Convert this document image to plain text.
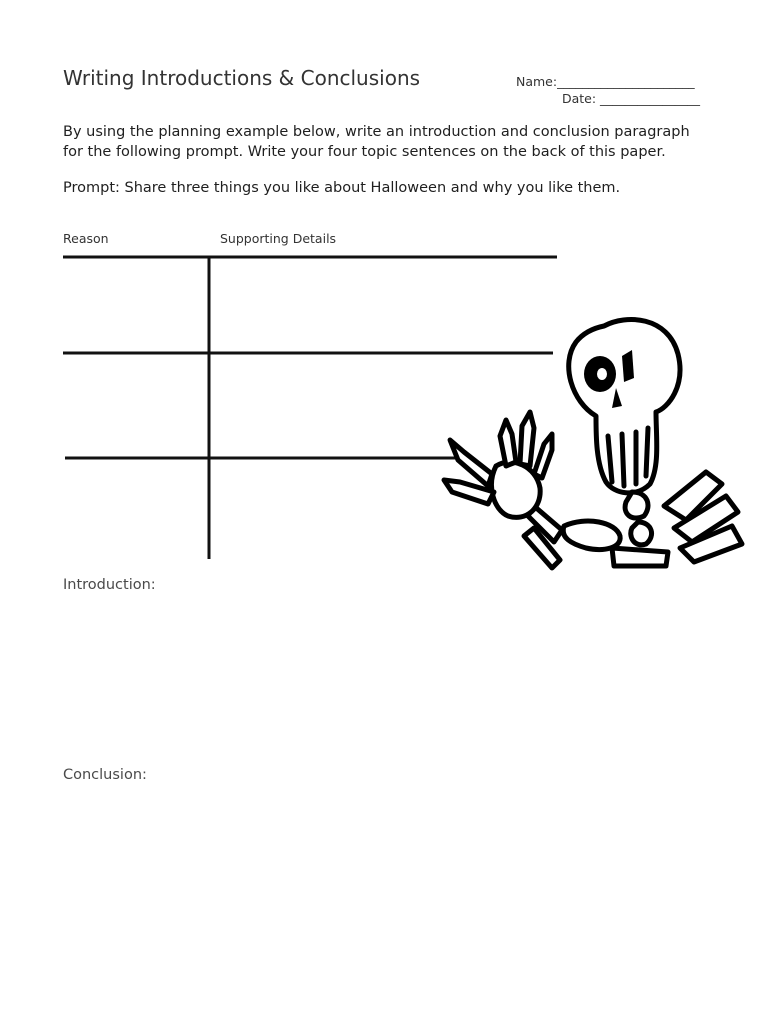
Writing Introductions & Conclusions	Name:______________________
Date: ________________

By using the planning example below, write an introduction and conclusion paragraph for the following prompt. Write your four topic sentences on the back of this paper.

Prompt: Share three things you like about Halloween and why you like them.

Reason	Supporting Details
Introduction:
Conclusion:
